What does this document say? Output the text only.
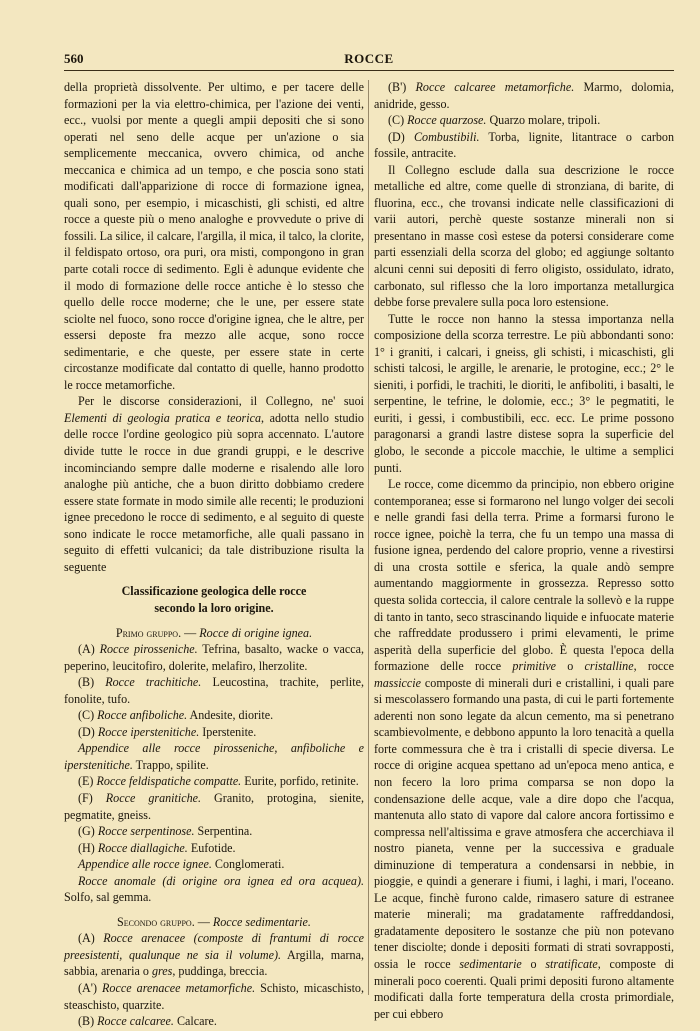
560	ROCCE

della proprietà dissolvente. Per ultimo, e per tacere delle formazioni per la via elettro-chimica, per l'azione dei venti, ecc., vuolsi por mente a quegli ampii depositi che si sono operati nel seno delle acque per un'azione o sia semplicemente meccanica, ovvero chimica, od anche meccanica e chimica ad un tempo, e che poscia sono stati modificati dall'apparizione di rocce di formazione ignea, quali sono, per esempio, i micaschisti, gli schisti, ed altre rocce a queste più o meno analoghe e provvedute o prive di fossili. La silice, il calcare, l'argilla, il mica, il talco, la clorite, il feldispato ortoso, ora puri, ora misti, compongono in gran parte cotali rocce di sedimento. Egli è adunque evidente che il modo di formazione delle rocce antiche è lo stesso che quello delle rocce moderne; che le une, per essere state sciolte nel fuoco, sono rocce d'origine ignea, che le altre, per essersi deposte fra mezzo alle acque, sono rocce sedimentarie, e che queste, per essere state in certe circostanze modificate dal contatto di quelle, hanno prodotto le rocce metamorfiche.

Per le discorse considerazioni, il Collegno, ne' suoi Elementi di geologia pratica e teorica, adotta nello studio delle rocce l'ordine geologico più sopra accennato. L'autore divide tutte le rocce in due grandi gruppi, e le descrive incominciando sempre dalle moderne e risalendo alle loro analoghe più antiche, che a buon diritto dobbiamo credere essere state formate in modo simile alle recenti; le produzioni ignee precedono le rocce di sedimento, e al seguito di queste sono indicate le rocce metamorfiche, alle quali passano in seguito di effetti vulcanici; da tale distribuzione risulta la seguente

Classificazione geologica delle rocce
secondo la loro origine.

Primo gruppo. — Rocce di origine ignea.

(A) Rocce pirosseniche. Tefrina, basalto, wacke o vacca, peperino, leucitofiro, dolerite, melafiro, lherzolite.

(B) Rocce trachitiche. Leucostina, trachite, perlite, fonolite, tufo.

(C) Rocce anfiboliche. Andesite, diorite.

(D) Rocce iperstenitiche. Iperstenite.

Appendice alle rocce pirosseniche, anfiboliche e iperstenitiche. Trappo, spilite.

(E) Rocce feldispatiche compatte. Eurite, porfido, retinite.

(F) Rocce granitiche. Granito, protogina, sienite, pegmatite, gneiss.

(G) Rocce serpentinose. Serpentina.

(H) Rocce diallagiche. Eufotide.

Appendice alle rocce ignee. Conglomerati.

Rocce anomale (di origine ora ignea ed ora acquea). Solfo, sal gemma.

Secondo gruppo. — Rocce sedimentarie.

(A) Rocce arenacee (composte di frantumi di rocce preesistenti, qualunque ne sia il volume). Argilla, marna, sabbia, arenaria o gres, puddinga, breccia.

(A') Rocce arenacee metamorfiche. Schisto, micaschisto, steaschisto, quarzite.

(B) Rocce calcaree. Calcare.

(B') Rocce calcaree metamorfiche. Marmo, dolomia, anidride, gesso.

(C) Rocce quarzose. Quarzo molare, tripoli.

(D) Combustibili. Torba, lignite, litantrace o carbon fossile, antracite.

Il Collegno esclude dalla sua descrizione le rocce metalliche ed altre, come quelle di stronziana, di barite, di fluorina, ecc., che trovansi indicate nelle classificazioni di varii autori, perchè queste sostanze minerali non si presentano in masse così estese da potersi considerare come parti essenziali della scorza del globo; ed aggiunge soltanto alcuni cenni sui depositi di ferro oligisto, ossidulato, idrato, carbonato, sul riflesso che la loro importanza metallurgica debbe forse prevalere sulla poca loro estensione.

Tutte le rocce non hanno la stessa importanza nella composizione della scorza terrestre. Le più abbondanti sono: 1° i graniti, i calcari, i gneiss, gli schisti, i micaschisti, gli schisti talcosi, le argille, le arenarie, le protogine, ecc.; 2° le sieniti, i porfidi, le trachiti, le dioriti, le anfiboliti, i basalti, le serpentine, le tefrine, le dolomie, ecc.; 3° le pegmatiti, le euriti, i gessi, i combustibili, ecc. ecc. Le prime possono paragonarsi a grandi lastre distese sopra la superficie del globo, le seconde a piccole macchie, le ultime a semplici punti.

Le rocce, come dicemmo da principio, non ebbero origine contemporanea; esse si formarono nel lungo volger dei secoli e nelle grandi fasi della terra. Prime a formarsi furono le rocce ignee, poichè la terra, che fu un tempo una massa di fusione ignea, perdendo del calore proprio, venne a rivestirsi di una crosta sottile e sferica, la quale andò sempre aumentando maggiormente in grossezza. Represso sotto questa solida corteccia, il calore centrale la sollevò e la ruppe di tanto in tanto, seco strascinando liquide e infuocate materie che raffreddate produssero i primi elevamenti, le prime asperità della superficie del globo. È questa l'epoca della formazione delle rocce primitive o cristalline, rocce massiccie composte di minerali duri e cristallini, i quali pare si mescolassero formando una pasta, di cui le parti fortemente aderenti non sono legate da alcun cemento, ma si penetrano scambievolmente, e debbono appunto la loro tenacità a quella forte commessura che è tra i cristalli di specie diversa. Le rocce di origine acquea spettano ad un'epoca meno antica, e non fecero la loro prima comparsa se non dopo la condensazione delle acque, vale a dire dopo che l'acqua, mantenuta allo stato di vapore dal calore ancora fortissimo e compressa nell'altissima e grave atmosfera che accerchiava il nostro pianeta, venne per la successiva e graduale diminuzione di temperatura a condensarsi in nebbie, in pioggie, e quindi a generare i fiumi, i laghi, i mari, l'oceano. Le acque, finchè furono calde, rimasero sature di estranee materie minerali; ma gradatamente raffreddandosi, gradatamente depositero le sostanze che più non potevano tener disciolte; donde i depositi formati di strati sovrapposti, ossia le rocce sedimentarie o stratificate, composte di minerali poco coerenti. Quali primi depositi furono altamente modificati dalla forte temperatura della crosta primordiale, per cui ebbero
